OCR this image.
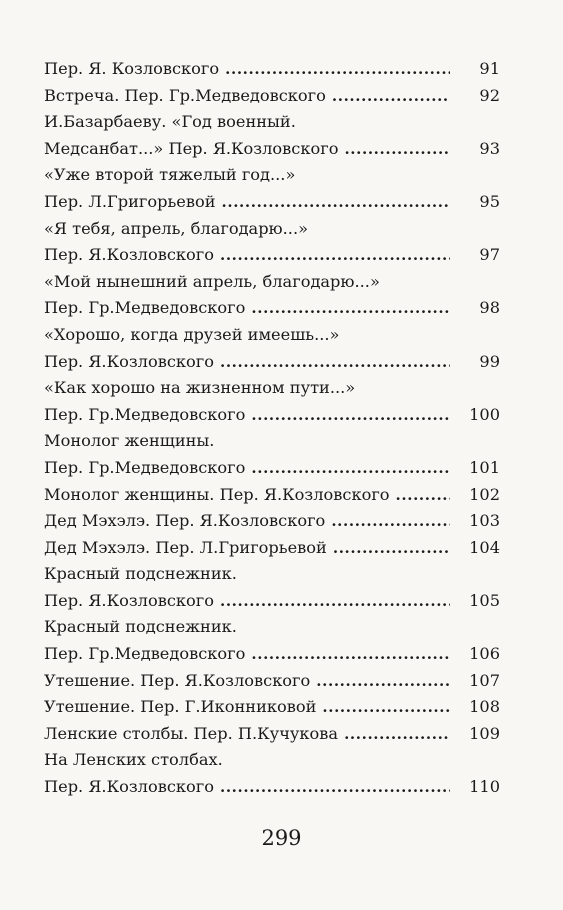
Пер. Я. Козловского . . .	91
Встреча. Пер. Гр.Медведовского . . .	92
И.Базарбаеву. «Год военный.
Медсанбат...» Пер. Я.Козловского . . .	93
«Уже второй тяжелый год...»
Пер. Л.Григорьевой . . .	95
«Я тебя, апрель, благодарю...»
Пер. Я.Козловского . . .	97
«Мой нынешний апрель, благодарю...»
Пер. Гр.Медведовского . . .	98
«Хорошо, когда друзей имеешь...»
Пер. Я.Козловского . . .	99
«Как хорошо на жизненном пути...»
Пер. Гр.Медведовского . . .	100
Монолог женщины.
Пер. Гр.Медведовского . . .	101
Монолог женщины. Пер. Я.Козловского . . .	102
Дед Мэхэлэ. Пер. Я.Козловского . . .	103
Дед Мэхэлэ. Пер. Л.Григорьевой . . .	104
Красный подснежник.
Пер. Я.Козловского . . .	105
Красный подснежник.
Пер. Гр.Медведовского . . .	106
Утешение. Пер. Я.Козловского . . .	107
Утешение. Пер. Г.Иконниковой . . .	108
Ленские столбы. Пер. П.Кучукова . . .	109
На Ленских столбах.
Пер. Я.Козловского . . .	110
299
